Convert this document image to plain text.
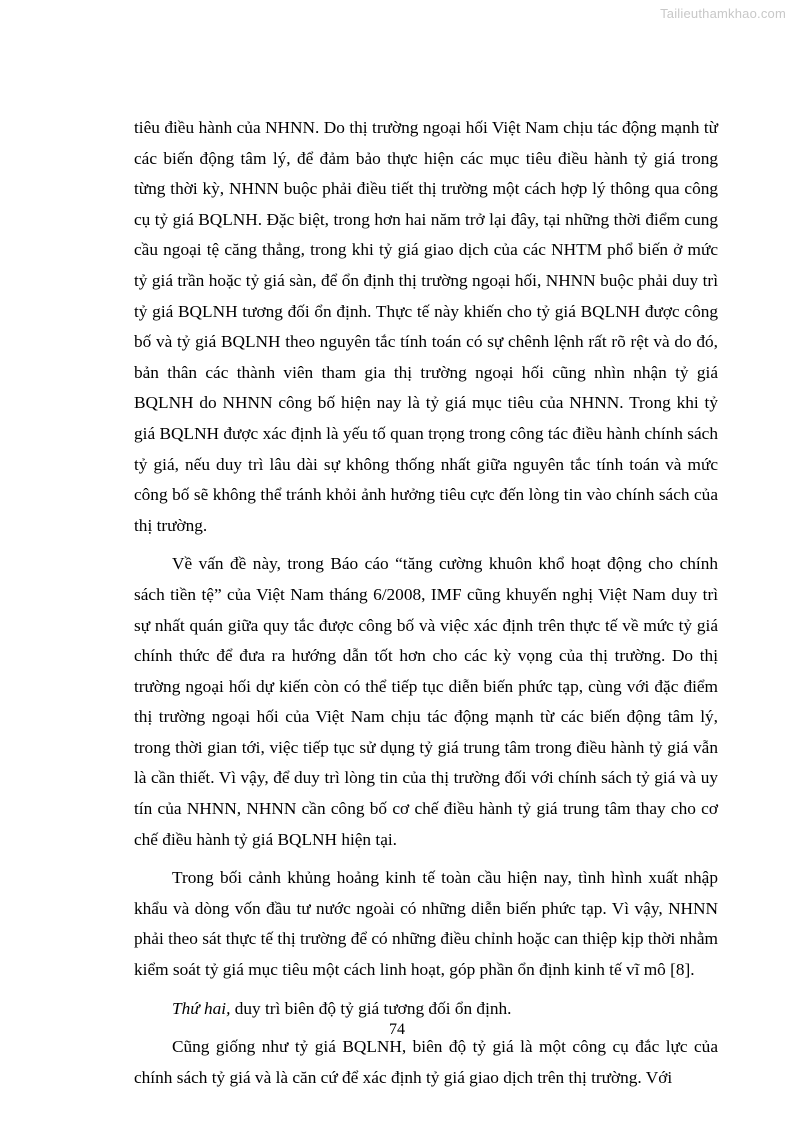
Tailieuthamkhao.com

tiêu điều hành của NHNN. Do thị trường ngoại hối Việt Nam chịu tác động mạnh từ các biến động tâm lý, để đảm bảo thực hiện các mục tiêu điều hành tỷ giá trong từng thời kỳ, NHNN buộc phải điều tiết thị trường một cách hợp lý thông qua công cụ tỷ giá BQLNH. Đặc biệt, trong hơn hai năm trở lại đây, tại những thời điểm cung cầu ngoại tệ căng thẳng, trong khi tỷ giá giao dịch của các NHTM phổ biến ở mức tỷ giá trần hoặc tỷ giá sàn, để ổn định thị trường ngoại hối, NHNN buộc phải duy trì tỷ giá BQLNH tương đối ổn định. Thực tế này khiến cho tỷ giá BQLNH được công bố và tỷ giá BQLNH theo nguyên tắc tính toán có sự chênh lệnh rất rõ rệt và do đó, bản thân các thành viên tham gia thị trường ngoại hối cũng nhìn nhận tỷ giá BQLNH do NHNN công bố hiện nay là tỷ giá mục tiêu của NHNN. Trong khi tỷ giá BQLNH được xác định là yếu tố quan trọng trong công tác điều hành chính sách tỷ giá, nếu duy trì lâu dài sự không thống nhất giữa nguyên tắc tính toán và mức công bố sẽ không thể tránh khỏi ảnh hưởng tiêu cực đến lòng tin vào chính sách của thị trường.

Về vấn đề này, trong Báo cáo “tăng cường khuôn khổ hoạt động cho chính sách tiền tệ” của Việt Nam tháng 6/2008, IMF cũng khuyến nghị Việt Nam duy trì sự nhất quán giữa quy tắc được công bố và việc xác định trên thực tế về mức tỷ giá chính thức để đưa ra hướng dẫn tốt hơn cho các kỳ vọng của thị trường. Do thị trường ngoại hối dự kiến còn có thể tiếp tục diễn biến phức tạp, cùng với đặc điểm thị trường ngoại hối của Việt Nam chịu tác động mạnh từ các biến động tâm lý, trong thời gian tới, việc tiếp tục sử dụng tỷ giá trung tâm trong điều hành tỷ giá vẫn là cần thiết. Vì vậy, để duy trì lòng tin của thị trường đối với chính sách tỷ giá và uy tín của NHNN, NHNN cần công bố cơ chế điều hành tỷ giá trung tâm thay cho cơ chế điều hành tỷ giá BQLNH hiện tại.

Trong bối cảnh khủng hoảng kinh tế toàn cầu hiện nay, tình hình xuất nhập khẩu và dòng vốn đầu tư nước ngoài có những diễn biến phức tạp. Vì vậy, NHNN phải theo sát thực tế thị trường để có những điều chỉnh hoặc can thiệp kịp thời nhằm kiểm soát tỷ giá mục tiêu một cách linh hoạt, góp phần ổn định kinh tế vĩ mô [8].

Thứ hai, duy trì biên độ tỷ giá tương đối ổn định.

Cũng giống như tỷ giá BQLNH, biên độ tỷ giá là một công cụ đắc lực của chính sách tỷ giá và là căn cứ để xác định tỷ giá giao dịch trên thị trường. Với

74
